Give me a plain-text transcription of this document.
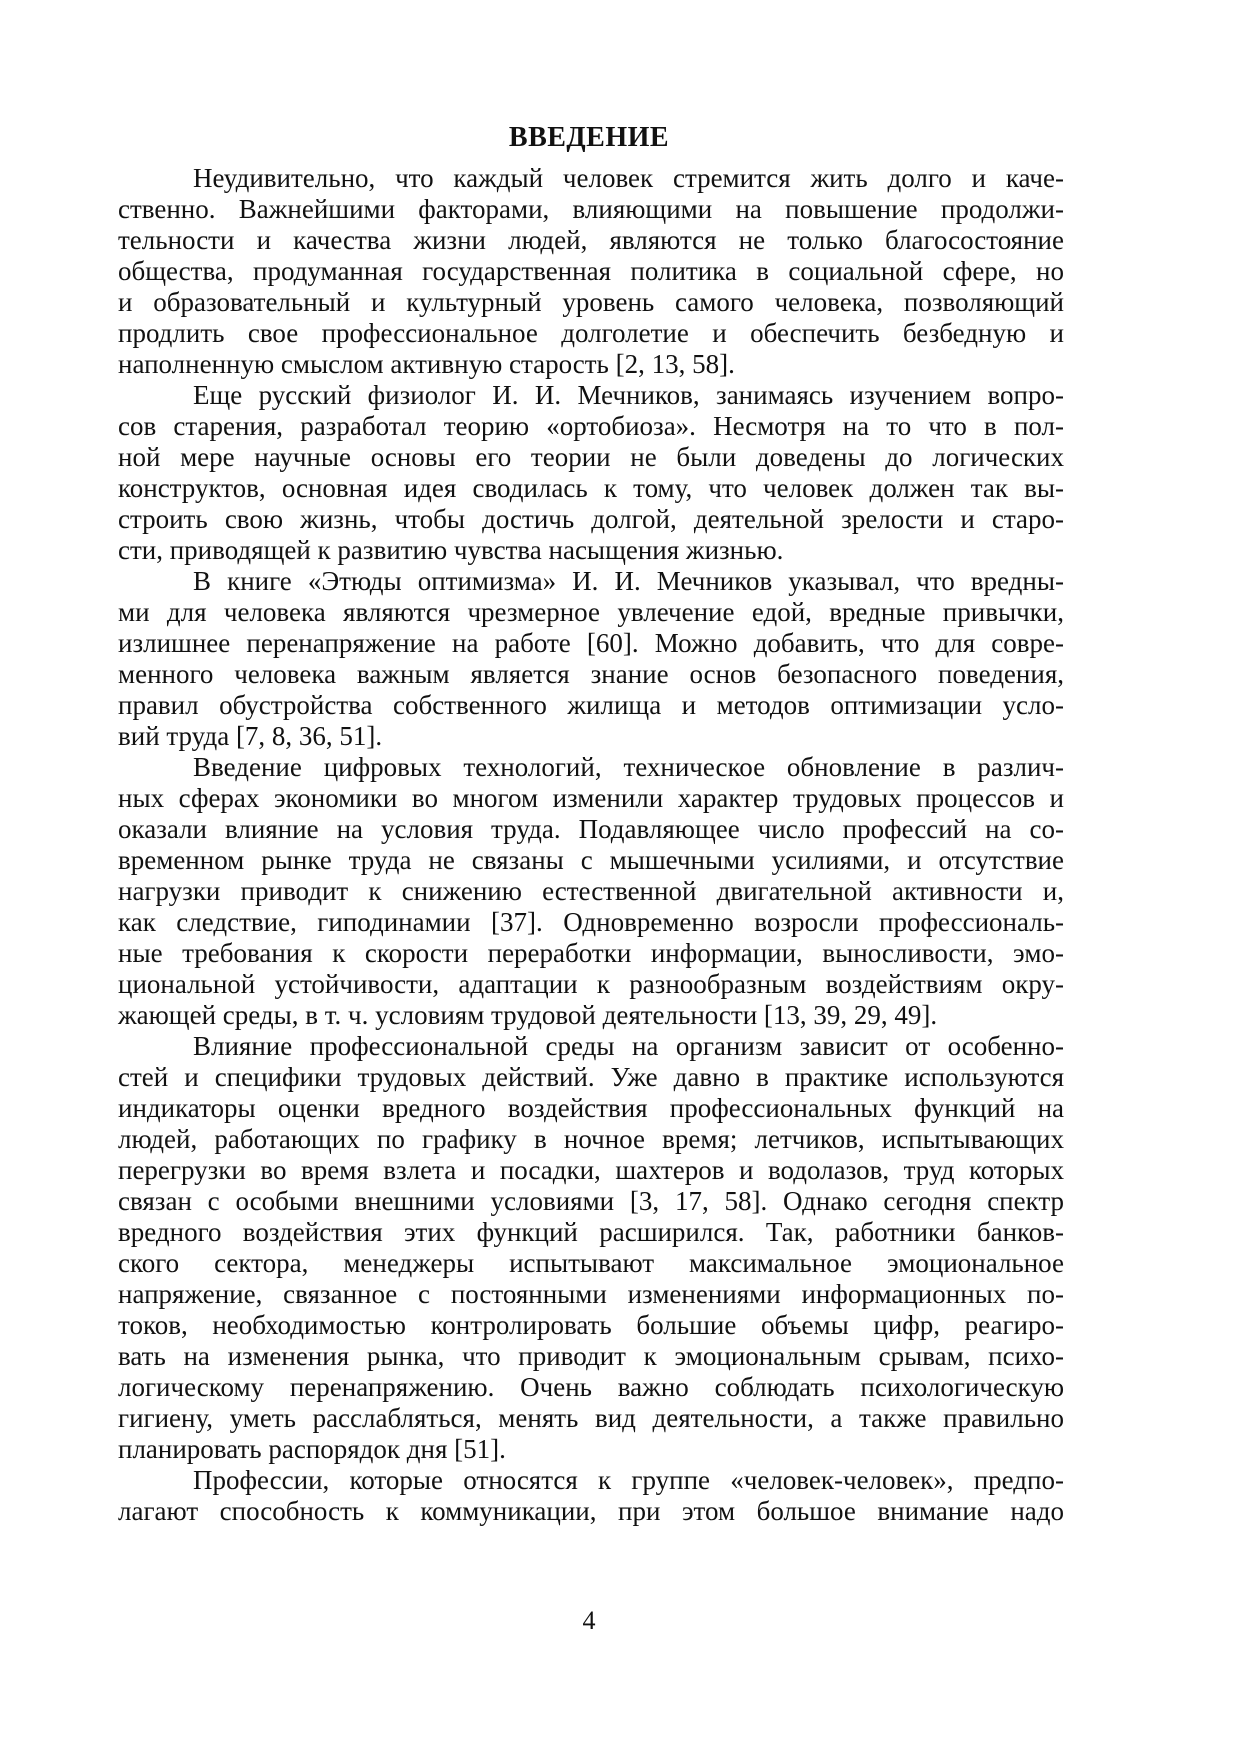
ВВЕДЕНИЕ
Неудивительно, что каждый человек стремится жить долго и каче-
ственно. Важнейшими факторами, влияющими на повышение продолжи-
тельности и качества жизни людей, являются не только благосостояние
общества, продуманная государственная политика в социальной сфере, но
и образовательный и культурный уровень самого человека, позволяющий
продлить свое профессиональное долголетие и обеспечить безбедную и
наполненную смыслом активную старость [2, 13, 58].
Еще русский физиолог И. И. Мечников, занимаясь изучением вопро-
сов старения, разработал теорию «ортобиоза». Несмотря на то что в пол-
ной мере научные основы его теории не были доведены до логических
конструктов, основная идея сводилась к тому, что человек должен так вы-
строить свою жизнь, чтобы достичь долгой, деятельной зрелости и старо-
сти, приводящей к развитию чувства насыщения жизнью.
В книге «Этюды оптимизма» И. И. Мечников указывал, что вредны-
ми для человека являются чрезмерное увлечение едой, вредные привычки,
излишнее перенапряжение на работе [60]. Можно добавить, что для совре-
менного человека важным является знание основ безопасного поведения,
правил обустройства собственного жилища и методов оптимизации усло-
вий труда [7, 8, 36, 51].
Введение цифровых технологий, техническое обновление в различ-
ных сферах экономики во многом изменили характер трудовых процессов и
оказали влияние на условия труда. Подавляющее число профессий на со-
временном рынке труда не связаны с мышечными усилиями, и отсутствие
нагрузки приводит к снижению естественной двигательной активности и,
как следствие, гиподинамии [37]. Одновременно возросли профессиональ-
ные требования к скорости переработки информации, выносливости, эмо-
циональной устойчивости, адаптации к разнообразным воздействиям окру-
жающей среды, в т. ч. условиям трудовой деятельности [13, 39, 29, 49].
Влияние профессиональной среды на организм зависит от особенно-
стей и специфики трудовых действий. Уже давно в практике используются
индикаторы оценки вредного воздействия профессиональных функций на
людей, работающих по графику в ночное время; летчиков, испытывающих
перегрузки во время взлета и посадки, шахтеров и водолазов, труд которых
связан с особыми внешними условиями [3, 17, 58]. Однако сегодня спектр
вредного воздействия этих функций расширился. Так, работники банков-
ского сектора, менеджеры испытывают максимальное эмоциональное
напряжение, связанное с постоянными изменениями информационных по-
токов, необходимостью контролировать большие объемы цифр, реагиро-
вать на изменения рынка, что приводит к эмоциональным срывам, психо-
логическому перенапряжению. Очень важно соблюдать психологическую
гигиену, уметь расслабляться, менять вид деятельности, а также правильно
планировать распорядок дня [51].
Профессии, которые относятся к группе «человек-человек», предпо-
лагают способность к коммуникации, при этом большое внимание надо
4
